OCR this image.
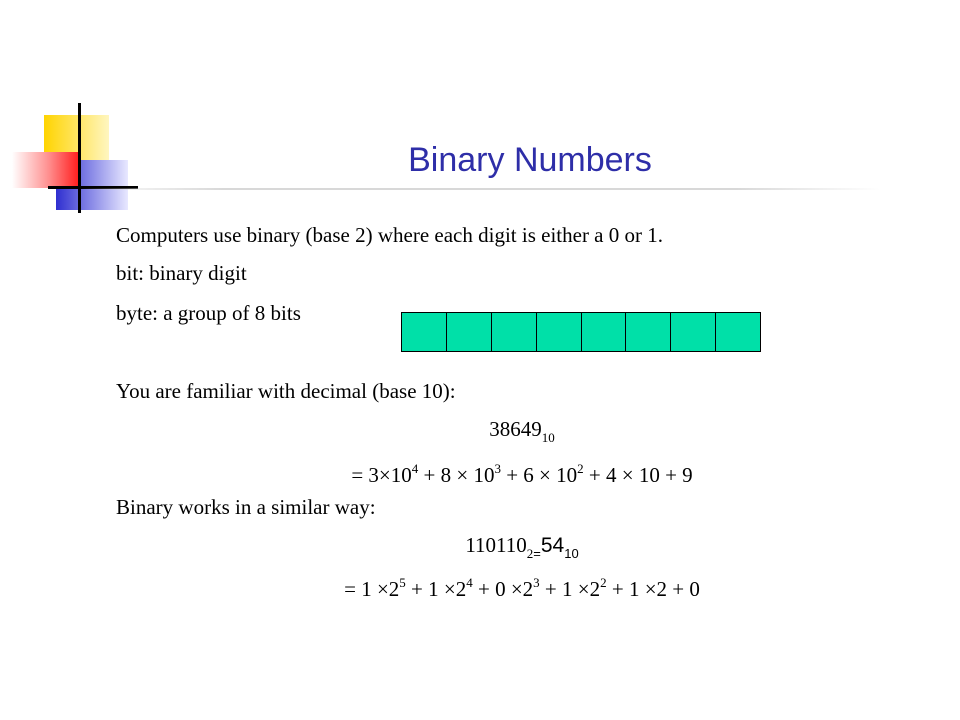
Binary Numbers
Computers use binary (base 2) where each digit is either a 0 or 1.
bit: binary digit
byte: a group of 8 bits
You are familiar with decimal (base 10):
$38649_{10}$
= $3\times 10^4 + 8 \times 10^3 + 6 \times 10^2 + 4 \times 10 + 9$
Binary works in a similar way:
$110110_{2=}54_{10}$
= $1 \times 2^5 + 1 \times 2^4 + 0 \times 2^3 + 1 \times 2^2 + 1 \times 2 + 0$
